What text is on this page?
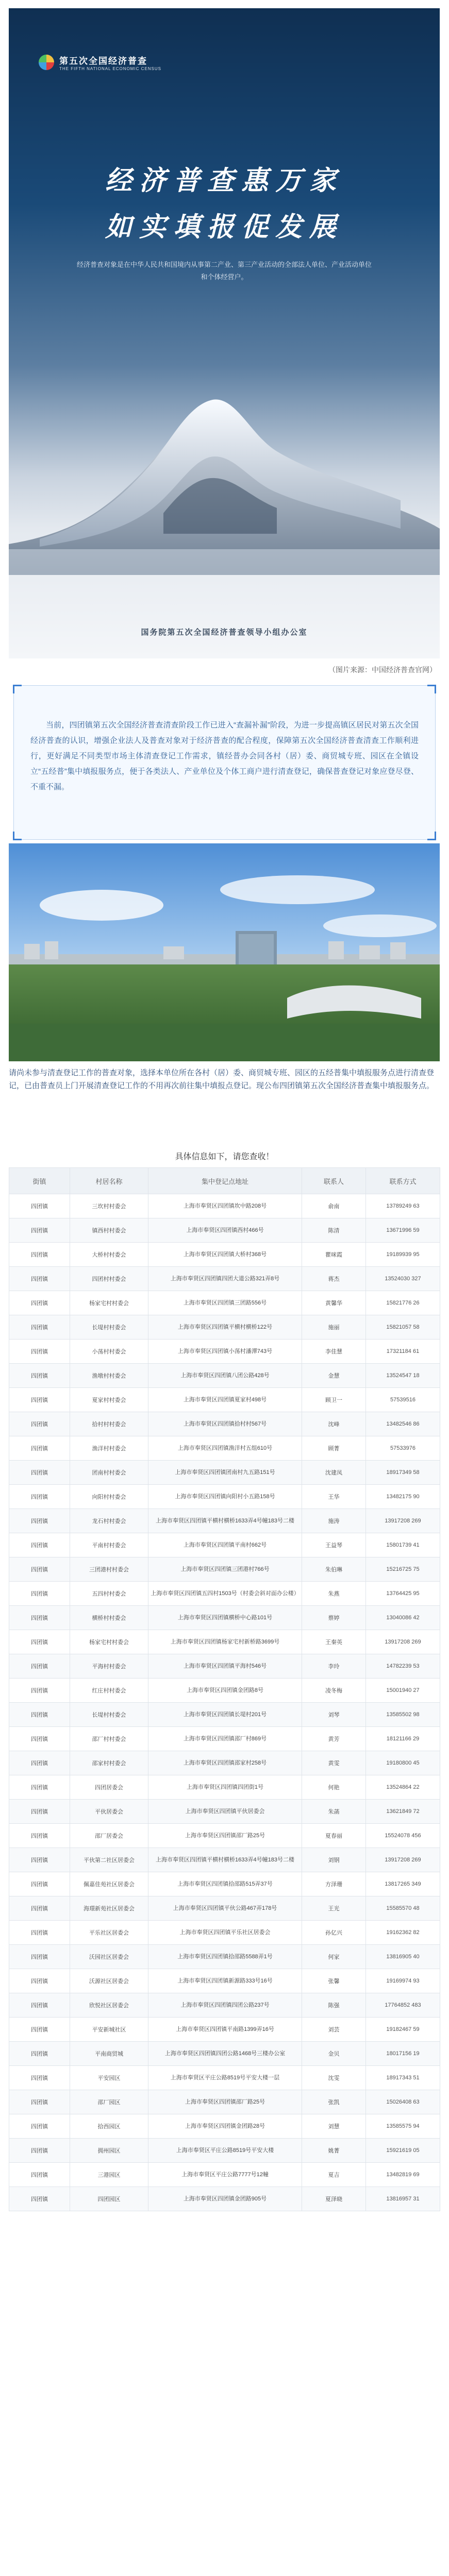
第五次全国经济普查
THE FIFTH NATIONAL ECONOMIC CENSUS
经济普查惠万家
如实填报促发展
经济普查对象是在中华人民共和国境内从事第二产业、第三产业活动的全部法人单位、产业活动单位和个体经营户。
国务院第五次全国经济普查领导小组办公室
（图片来源：中国经济普查官网）

当前，四团镇第五次全国经济普查清查阶段工作已进入“查漏补漏”阶段，为进一步提高镇区居民对第五次全国经济普查的认识，增强企业法人及普查对象对于经济普查的配合程度，保障第五次全国经济普查清查工作顺利进行，更好满足不同类型市场主体清查登记工作需求，镇经普办会同各村（居）委、商贸城专班、园区在全镇设立“五经普”集中填报服务点，便于各类法人、产业单位及个体工商户进行清查登记，确保普查登记对象应登尽登、不重不漏。

请尚未参与清查登记工作的普查对象，选择本单位所在各村（居）委、商贸城专班、园区的五经普集中填报服务点进行清查登记，已由普查员上门开展清查登记工作的不用再次前往集中填报点登记。现公布四团镇第五次全国经济普查集中填报服务点。
具体信息如下，请您查收！
街镇	村居名称	集中登记点地址	联系人	联系方式
四团镇	三坎村村委会	上海市奉贤区四团镇坎中路208号	俞南	13789249 63
四团镇	镇西村村委会	上海市奉贤区四团镇西村466号	陈清	13671996 59
四团镇	大桥村村委会	上海市奉贤区四团镇大桥村368号	瞿咪霞	19189939 95
四团镇	四团村村委会	上海市奉贤区四团镇四团大道公路321弄8号	蒋杰	13524030 327
四团镇	杨家宅村村委会	上海市奉贤区四团镇三团路556号	黄馨华	15821776 26
四团镇	长堤村村委会	上海市奉贤区四团镇平横村横桥122号	施丽	15821057 58
四团镇	小荡村村委会	上海市奉贤区四团镇小荡村潘潭743号	李佳慧	17321184 61
四团镇	渔墩村村委会	上海市奉贤区四团镇八团公路428号	金慧	13524547 18
四团镇	夏家村村委会	上海市奉贤区四团镇夏家村498号	顾卫一	57539516
四团镇	拾村村村委会	上海市奉贤区四团镇拾村村567号	沈峰	13482546 86
四团镇	渔洋村村委会	上海市奉贤区四团镇渔洋村五组610号	顾菁	57533976
四团镇	团南村村委会	上海市奉贤区四团镇团南村九五路151号	沈建凤	18917349 58
四团镇	向阳村村委会	上海市奉贤区四团镇向阳村小五路158号	王华	13482175 90
四团镇	龙石村村委会	上海市奉贤区四团镇平横村横桥1633弄4号幢183号二楼	施涛	13917208 269
四团镇	平南村村委会	上海市奉贤区四团镇平南村662号	王益琴	15801739 41
四团镇	三团港村村委会	上海市奉贤区四团镇三团港村766号	朱伯琳	15216725 75
四团镇	五四村村委会	上海市奉贤区四团镇五四村1503号（村委会斜对面办公楼）	朱燕	13764425 95
四团镇	横桥村村委会	上海市奉贤区四团镇横桥中心路101号	蔡婷	13040086 42
四团镇	杨家宅村村委会	上海市奉贤区四团镇杨家宅村新桥路3699号	王秦英	13917208 269
四团镇	平海村村委会	上海市奉贤区四团镇平海村546号	李玲	14782239 53
四团镇	红庄村村委会	上海市奉贤区四团镇金团路8号	凌冬梅	15001940 27
四团镇	长堤村村委会	上海市奉贤区四团镇长堤村201号	刘琴	13585502 98
四团镇	邵厂村村委会	上海市奉贤区四团镇邵厂村869号	黄芳	18121166 29
四团镇	邵家村村委会	上海市奉贤区四团镇邵家村258号	黄雯	19180800 45
四团镇	四团居委会	上海市奉贤区四团镇四团街1号	何艳	13524864 22
四团镇	平伙居委会	上海市奉贤区四团镇平伙居委会	朱菡	13621849 72
四团镇	邵厂居委会	上海市奉贤区四团镇邵厂路25号	夏春丽	15524078 456
四团镇	平伙第二社区居委会	上海市奉贤区四团镇平横村横桥1633弄4号幢183号二楼	刘钢	13917208 269
四团镇	佩嘉佳苑社区居委会	上海市奉贤区四团镇拾邵路515弄37号	方泽珊	13817265 349
四团镇	海璟新苑社区居委会	上海市奉贤区四团镇平伙公路467弄178号	王光	15585570 48
四团镇	平乐社区居委会	上海市奉贤区四团镇平乐社区居委会	孙亿兴	19162362 82
四团镇	沃园社区居委会	上海市奉贤区四团镇拾邵路5588弄1号	何家	13816905 40
四团镇	沃源社区居委会	上海市奉贤区四团镇新源路333号16号	张馨	19169974 93
四团镇	欣悦社区居委会	上海市奉贤区四团镇四团公路237号	陈强	17764852 483
四团镇	平安新城社区	上海市奉贤区四团镇平南路1399弄16号	刘芸	19182467 59
四团镇	平南商贸城	上海市奉贤区四团镇四团公路1468号三楼办公室	金贝	18017156 19
四团镇	平安园区	上海市奉贤区平庄公路8519号平安大楼一层	沈雯	18917343 51
四团镇	邵厂园区	上海市奉贤区四团镇邵厂路25号	张凯	15026408 63
四团镇	拾西园区	上海市奉贤区四团镇金团路28号	刘慧	13585575 94
四团镇	拥州园区	上海市奉贤区平庄公路8519号平安大楼	姚菁	15921619 05
四团镇	三港园区	上海市奉贤区平庄公路7777号12幢	夏吉	13482819 69
四团镇	四团园区	上海市奉贤区四团镇金团路905号	夏泽晓	13816957 31
